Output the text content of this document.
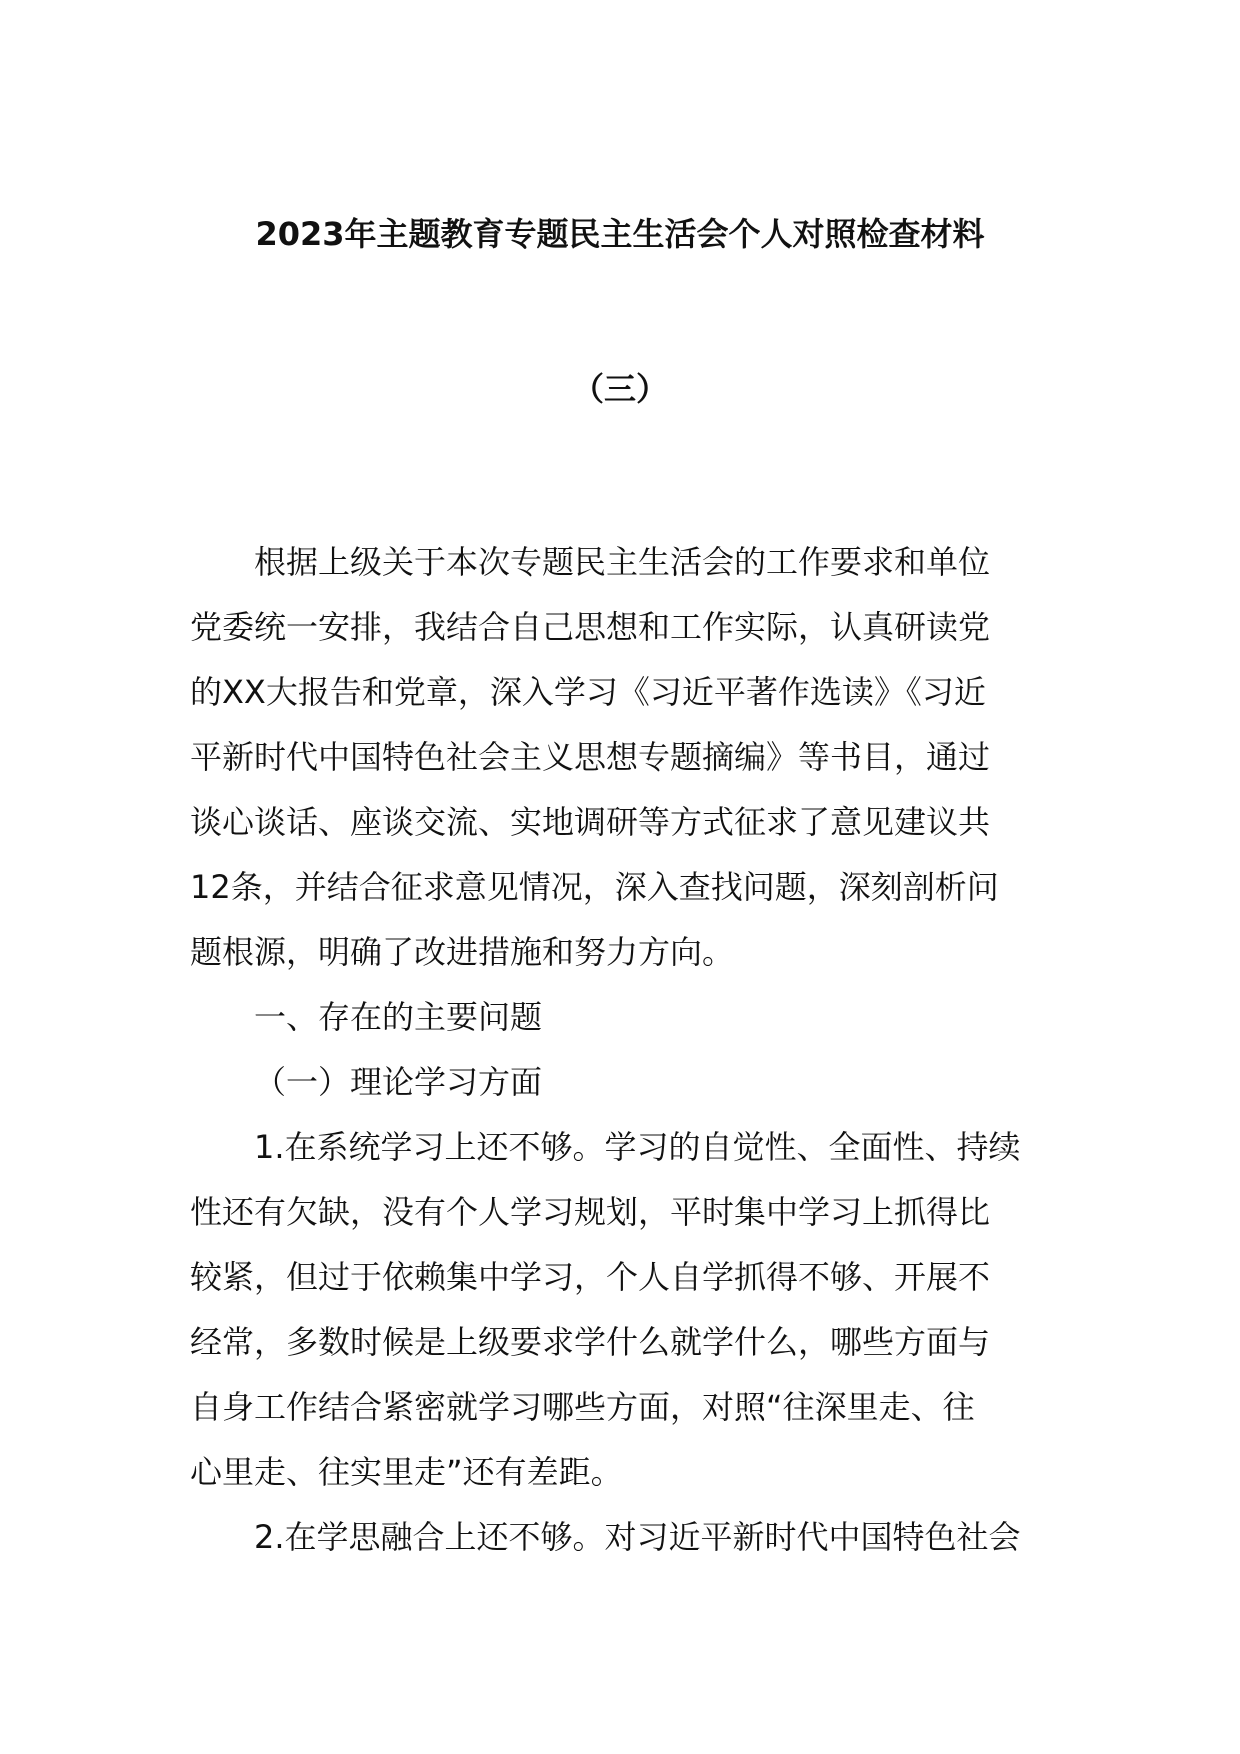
2023年主题教育专题民主生活会个人对照检查材料
（三）

根据上级关于本次专题民主生活会的工作要求和单位
党委统一安排，我结合自己思想和工作实际，认真研读党
的XX大报告和党章，深入学习《习近平著作选读》《习近
平新时代中国特色社会主义思想专题摘编》等书目，通过
谈心谈话、座谈交流、实地调研等方式征求了意见建议共
12条，并结合征求意见情况，深入查找问题，深刻剖析问
题根源，明确了改进措施和努力方向。

一、存在的主要问题

（一）理论学习方面

1.在系统学习上还不够。学习的自觉性、全面性、持续
性还有欠缺，没有个人学习规划，平时集中学习上抓得比
较紧，但过于依赖集中学习，个人自学抓得不够、开展不
经常，多数时候是上级要求学什么就学什么，哪些方面与
自身工作结合紧密就学习哪些方面，对照“往深里走、往
心里走、往实里走”还有差距。

2.在学思融合上还不够。对习近平新时代中国特色社会
